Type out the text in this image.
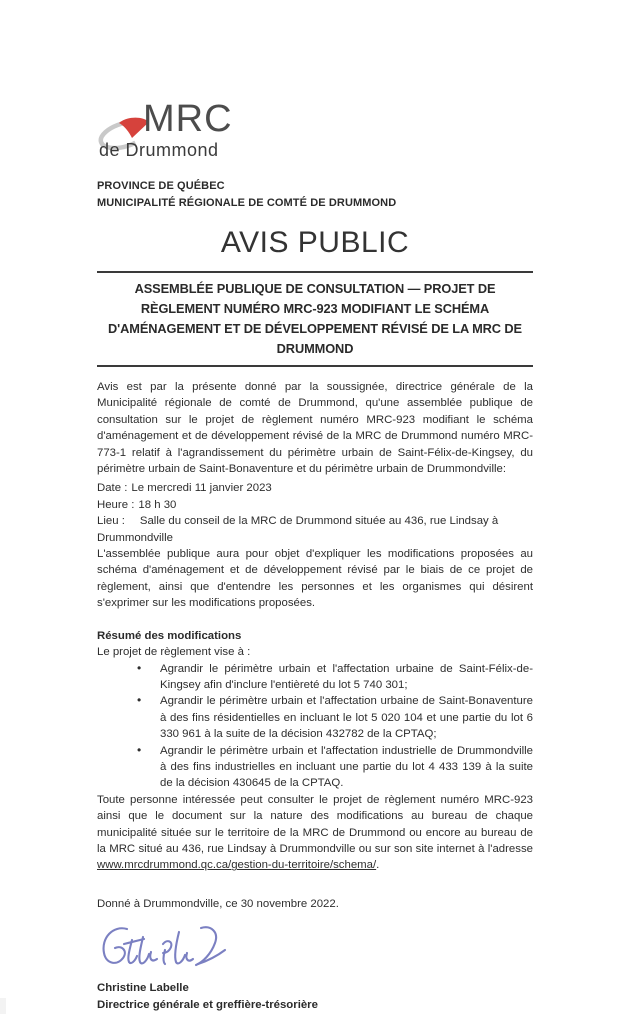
MRC
de Drummond
PROVINCE DE QUÉBEC
MUNICIPALITÉ RÉGIONALE DE COMTÉ DE DRUMMOND
AVIS PUBLIC
ASSEMBLÉE PUBLIQUE DE CONSULTATION — PROJET DE RÈGLEMENT NUMÉRO MRC-923 MODIFIANT LE SCHÉMA D'AMÉNAGEMENT ET DE DÉVELOPPEMENT RÉVISÉ DE LA MRC DE DRUMMOND

Avis est par la présente donné par la soussignée, directrice générale de la Municipalité régionale de comté de Drummond, qu'une assemblée publique de consultation sur le projet de règlement numéro MRC-923 modifiant le schéma d'aménagement et de développement révisé de la MRC de Drummond numéro MRC-773-1 relatif à l'agrandissement du périmètre urbain de Saint-Félix-de-Kingsey, du périmètre urbain de Saint-Bonaventure et du périmètre urbain de Drummondville:

Date : Le mercredi 11 janvier 2023
Heure : 18 h 30
Lieu : Salle du conseil de la MRC de Drummond située au 436, rue Lindsay à Drummondville

L'assemblée publique aura pour objet d'expliquer les modifications proposées au schéma d'aménagement et de développement révisé par le biais de ce projet de règlement, ainsi que d'entendre les personnes et les organismes qui désirent s'exprimer sur les modifications proposées.

Résumé des modifications
Le projet de règlement vise à :
• Agrandir le périmètre urbain et l'affectation urbaine de Saint-Félix-de-Kingsey afin d'inclure l'entièreté du lot 5 740 301;
• Agrandir le périmètre urbain et l'affectation urbaine de Saint-Bonaventure à des fins résidentielles en incluant le lot 5 020 104 et une partie du lot 6 330 961 à la suite de la décision 432782 de la CPTAQ;
• Agrandir le périmètre urbain et l'affectation industrielle de Drummondville à des fins industrielles en incluant une partie du lot 4 433 139 à la suite de la décision 430645 de la CPTAQ.

Toute personne intéressée peut consulter le projet de règlement numéro MRC-923 ainsi que le document sur la nature des modifications au bureau de chaque municipalité située sur le territoire de la MRC de Drummond ou encore au bureau de la MRC situé au 436, rue Lindsay à Drummondville ou sur son site internet à l'adresse www.mrcdrummond.qc.ca/gestion-du-territoire/schema/.

Donné à Drummondville, ce 30 novembre 2022.
Christine Labelle
Directrice générale et greffière-trésorière
